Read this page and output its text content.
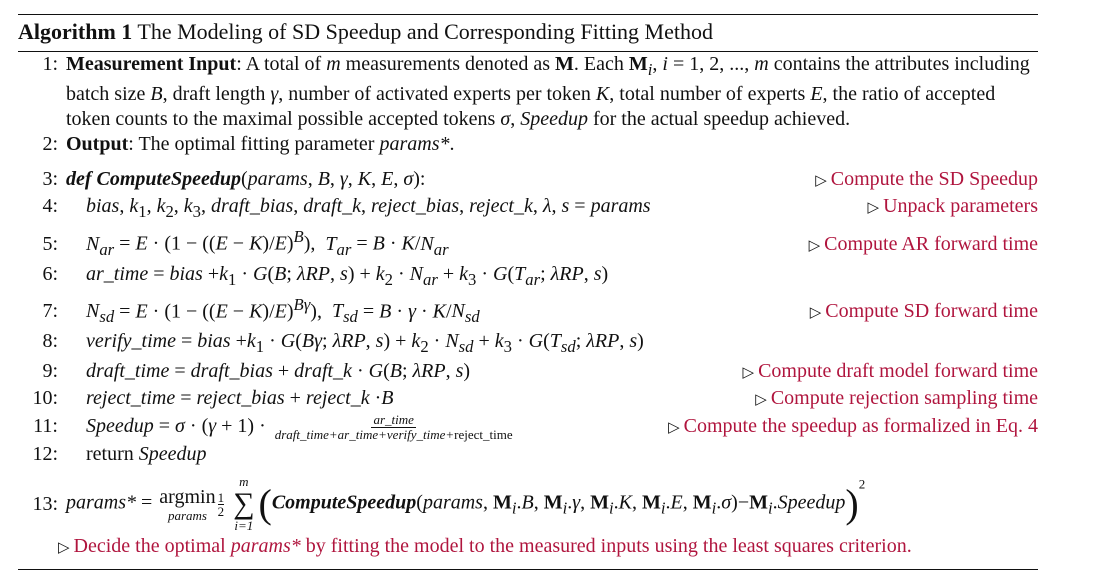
Algorithm 1 The Modeling of SD Speedup and Corresponding Fitting Method
1: Measurement Input: A total of m measurements denoted as M. Each $M_i$, i = 1, 2, ..., m contains the attributes including batch size B, draft length γ, number of activated experts per token K, total number of experts E, the ratio of accepted token counts to the maximal possible accepted tokens σ, Speedup for the actual speedup achieved.
2: Output: The optimal fitting parameter params*.
3: def ComputeSpeedup(params, B, γ, K, E, σ):	▷ Compute the SD Speedup
4:	bias, $k_1$, $k_2$, $k_3$, draft_bias, draft_k, reject_bias, reject_k, λ, s = params	▷ Unpack parameters
5:	$N_{ar} = E \cdot (1 - ((E - K)/E)^B)$,  $T_{ar} = B \cdot K/N_{ar}$	▷ Compute AR forward time
6:	ar_time = bias $+k_1 \cdot G(B$; λRP, $s) + k_2 \cdot N_{ar} + k_3 \cdot G(T_{ar}$; λRP, s)
7:	$N_{sd} = E \cdot (1 - ((E - K)/E)^{B\gamma})$,  $T_{sd} = B \cdot \gamma \cdot K/N_{sd}$	▷ Compute SD forward time
8:	verify_time = bias $+k_1 \cdot G(B\gamma$; λRP, $s) + k_2 \cdot N_{sd} + k_3 \cdot G(T_{sd}$; λRP, s)
9:	draft_time = draft_bias + draft_k · G(B; λRP, s)	▷ Compute draft model forward time
10:	reject_time = reject_bias + reject_k ·B	▷ Compute rejection sampling time
11:	Speedup = $\sigma \cdot (\gamma + 1) \cdot \frac{\text{ar\_time}}{\text{draft\_time+ar\_time+verify\_time+reject\_time}}$	▷ Compute the speedup as formalized in Eq. 4
12:	return Speedup
13: params* = argmin
params $\frac{1}{2}$

m
∑
i=1 (ComputeSpeedup(params, $M_i.B$, $M_i.\gamma$, $M_i.K$, $M_i.E$, $M_i.\sigma)-M_i.Speedup)^2$
▷ Decide the optimal params* by fitting the model to the measured inputs using the least squares criterion.
